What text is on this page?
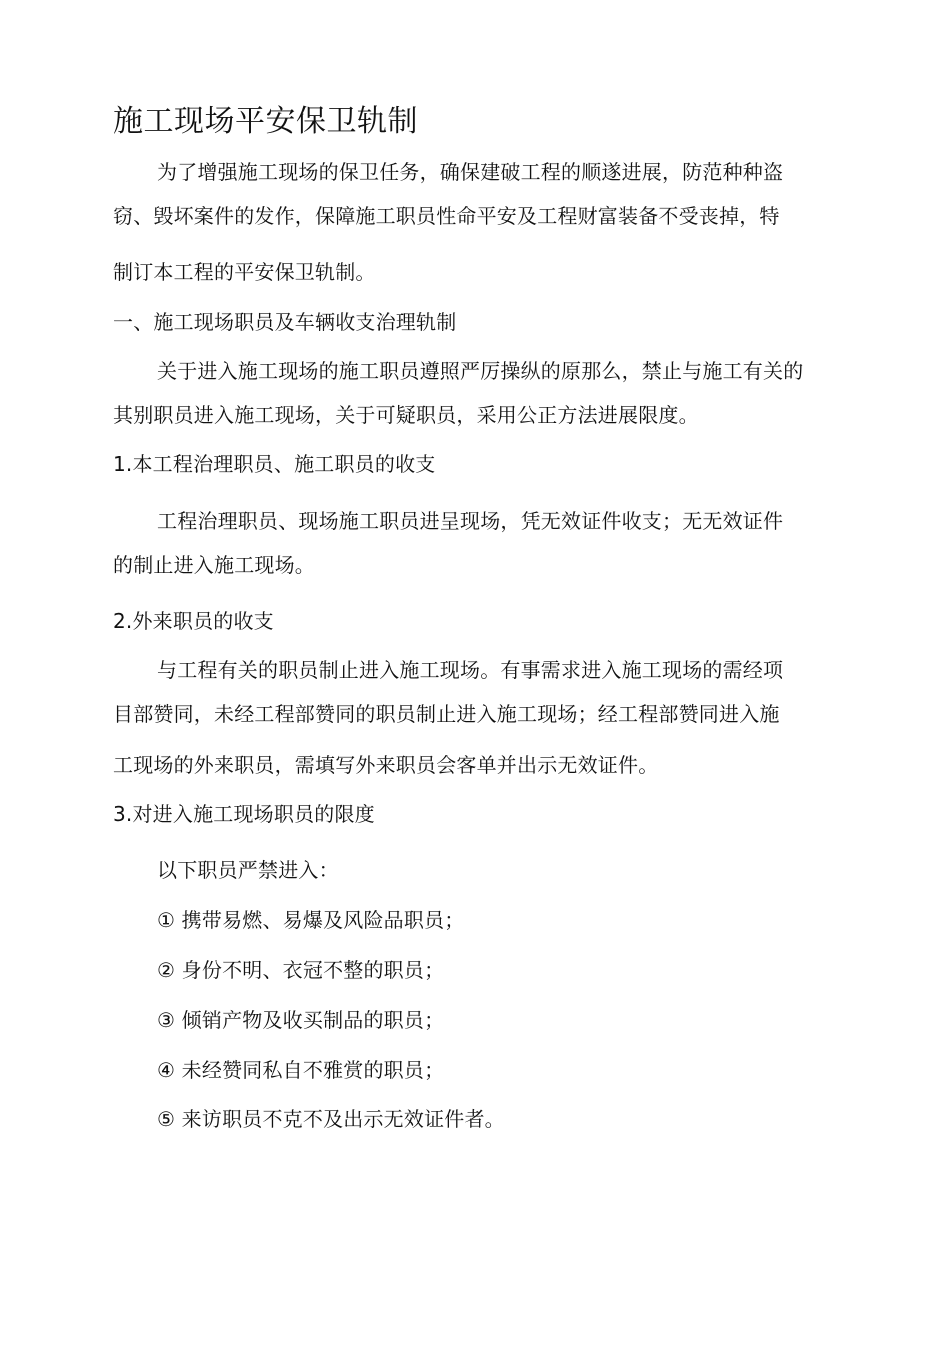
施工现场平安保卫轨制
为了增强施工现场的保卫任务，确保建破工程的顺遂进展，防范种种盗
窃、毁坏案件的发作，保障施工职员性命平安及工程财富装备不受丧掉，特
制订本工程的平安保卫轨制。
一、施工现场职员及车辆收支治理轨制
关于进入施工现场的施工职员遵照严厉操纵的原那么，禁止与施工有关的
其别职员进入施工现场，关于可疑职员，采用公正方法进展限度。
1.本工程治理职员、施工职员的收支
工程治理职员、现场施工职员进呈现场，凭无效证件收支；无无效证件
的制止进入施工现场。
2.外来职员的收支
与工程有关的职员制止进入施工现场。有事需求进入施工现场的需经项
目部赞同，未经工程部赞同的职员制止进入施工现场；经工程部赞同进入施
工现场的外来职员，需填写外来职员会客单并出示无效证件。
3.对进入施工现场职员的限度
以下职员严禁进入：
① 携带易燃、易爆及风险品职员；
② 身份不明、衣冠不整的职员；
③ 倾销产物及收买制品的职员；
④ 未经赞同私自不雅赏的职员；
⑤ 来访职员不克不及出示无效证件者。
